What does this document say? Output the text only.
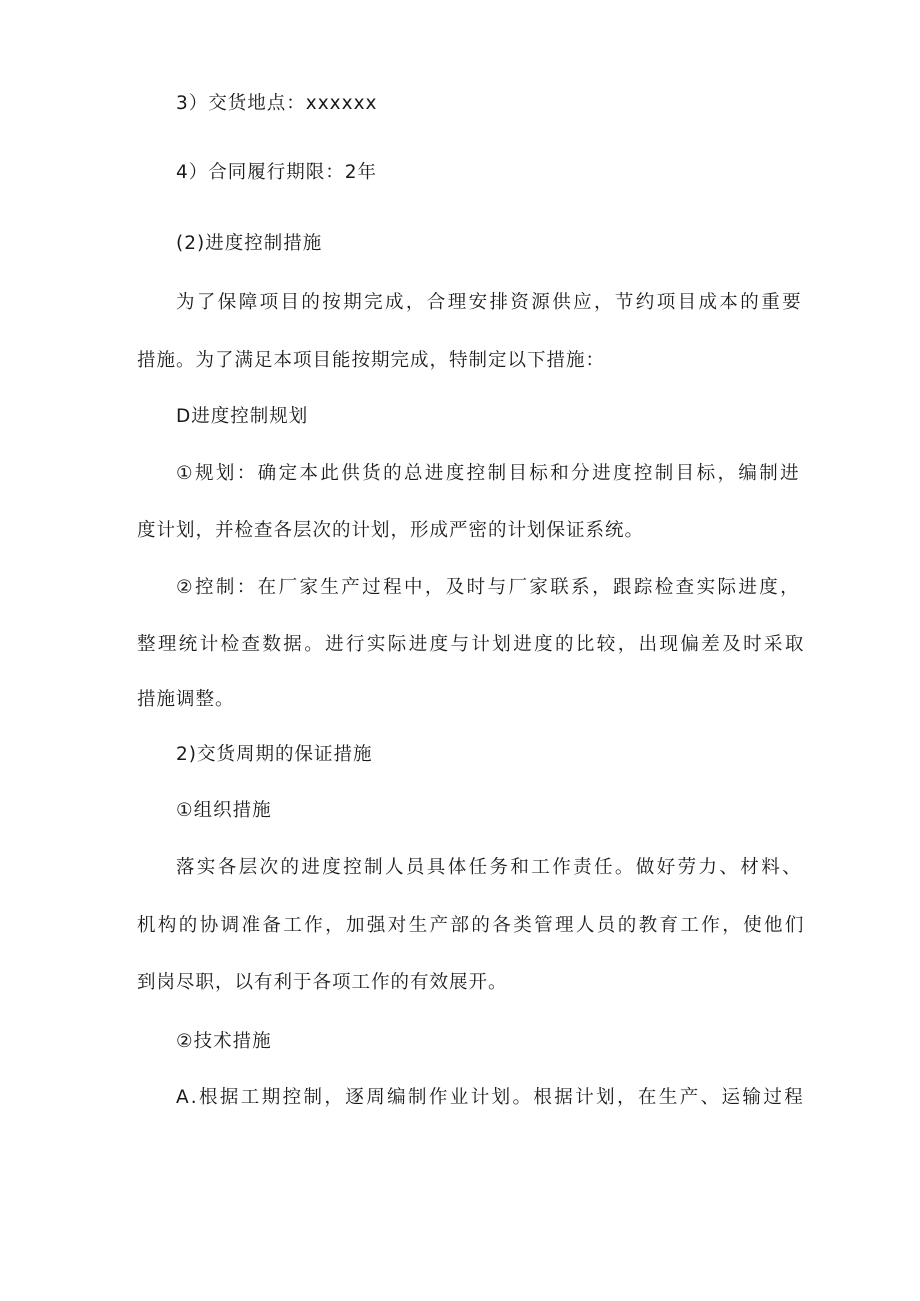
3）交货地点：xxxxxx

4）合同履行期限：2年

(2)进度控制措施

为了保障项目的按期完成，合理安排资源供应，节约项目成本的重要

措施。为了满足本项目能按期完成，特制定以下措施：

D进度控制规划

①规划：确定本此供货的总进度控制目标和分进度控制目标，编制进

度计划，并检查各层次的计划，形成严密的计划保证系统。

②控制：在厂家生产过程中，及时与厂家联系，跟踪检查实际进度，

整理统计检查数据。进行实际进度与计划进度的比较，出现偏差及时采取

措施调整。

2)交货周期的保证措施

①组织措施

落实各层次的进度控制人员具体任务和工作责任。做好劳力、材料、

机构的协调准备工作，加强对生产部的各类管理人员的教育工作，使他们

到岗尽职，以有利于各项工作的有效展开。

②技术措施

A.根据工期控制，逐周编制作业计划。根据计划，在生产、运输过程
